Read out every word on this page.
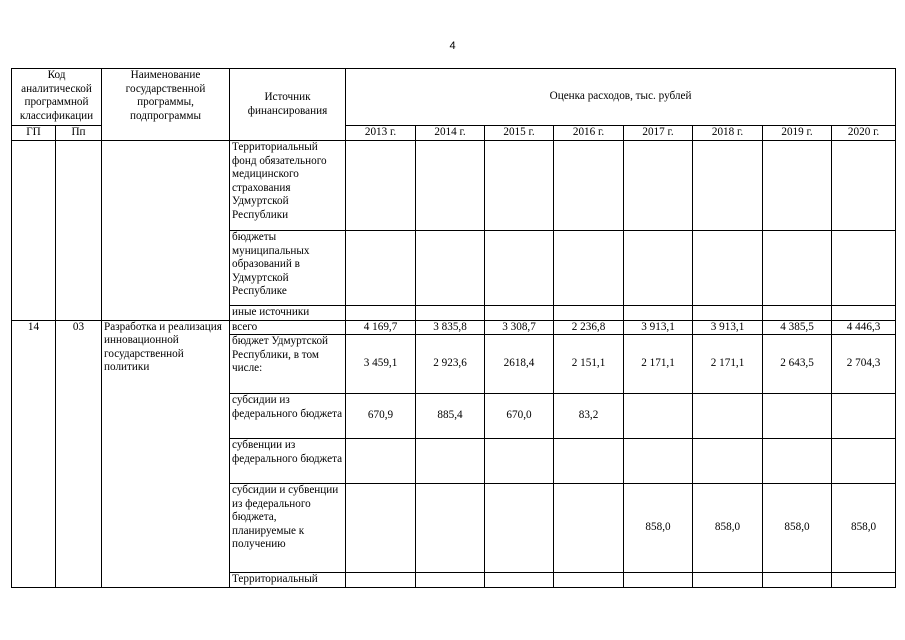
4
Код аналитической программной классификации		Наименование государственной программы, подпрограммы	Источник финансирования	Оценка расходов, тыс. рублей							
ГП	Пп			2013 г.	2014 г.	2015 г.	2016 г.	2017 г.	2018 г.	2019 г.	2020 г.
			Территориальный фонд обязательного медицинского страхования Удмуртской Республики								
			бюджеты муниципальных образований в Удмуртской Республике								
			иные источники								
14	03	Разработка и реализация инновационной государственной политики	всего	4 169,7	3 835,8	3 308,7	2 236,8	3 913,1	3 913,1	4 385,5	4 446,3
			бюджет Удмуртской Республики, в том числе:	3 459,1	2 923,6	2618,4	2 151,1	2 171,1	2 171,1	2 643,5	2 704,3
			субсидии из федерального бюджета	670,9	885,4	670,0	83,2				
			субвенции из федерального бюджета								
			субсидии и субвенции из федерального бюджета, планируемые к получению					858,0	858,0	858,0	858,0
			Территориальный								
